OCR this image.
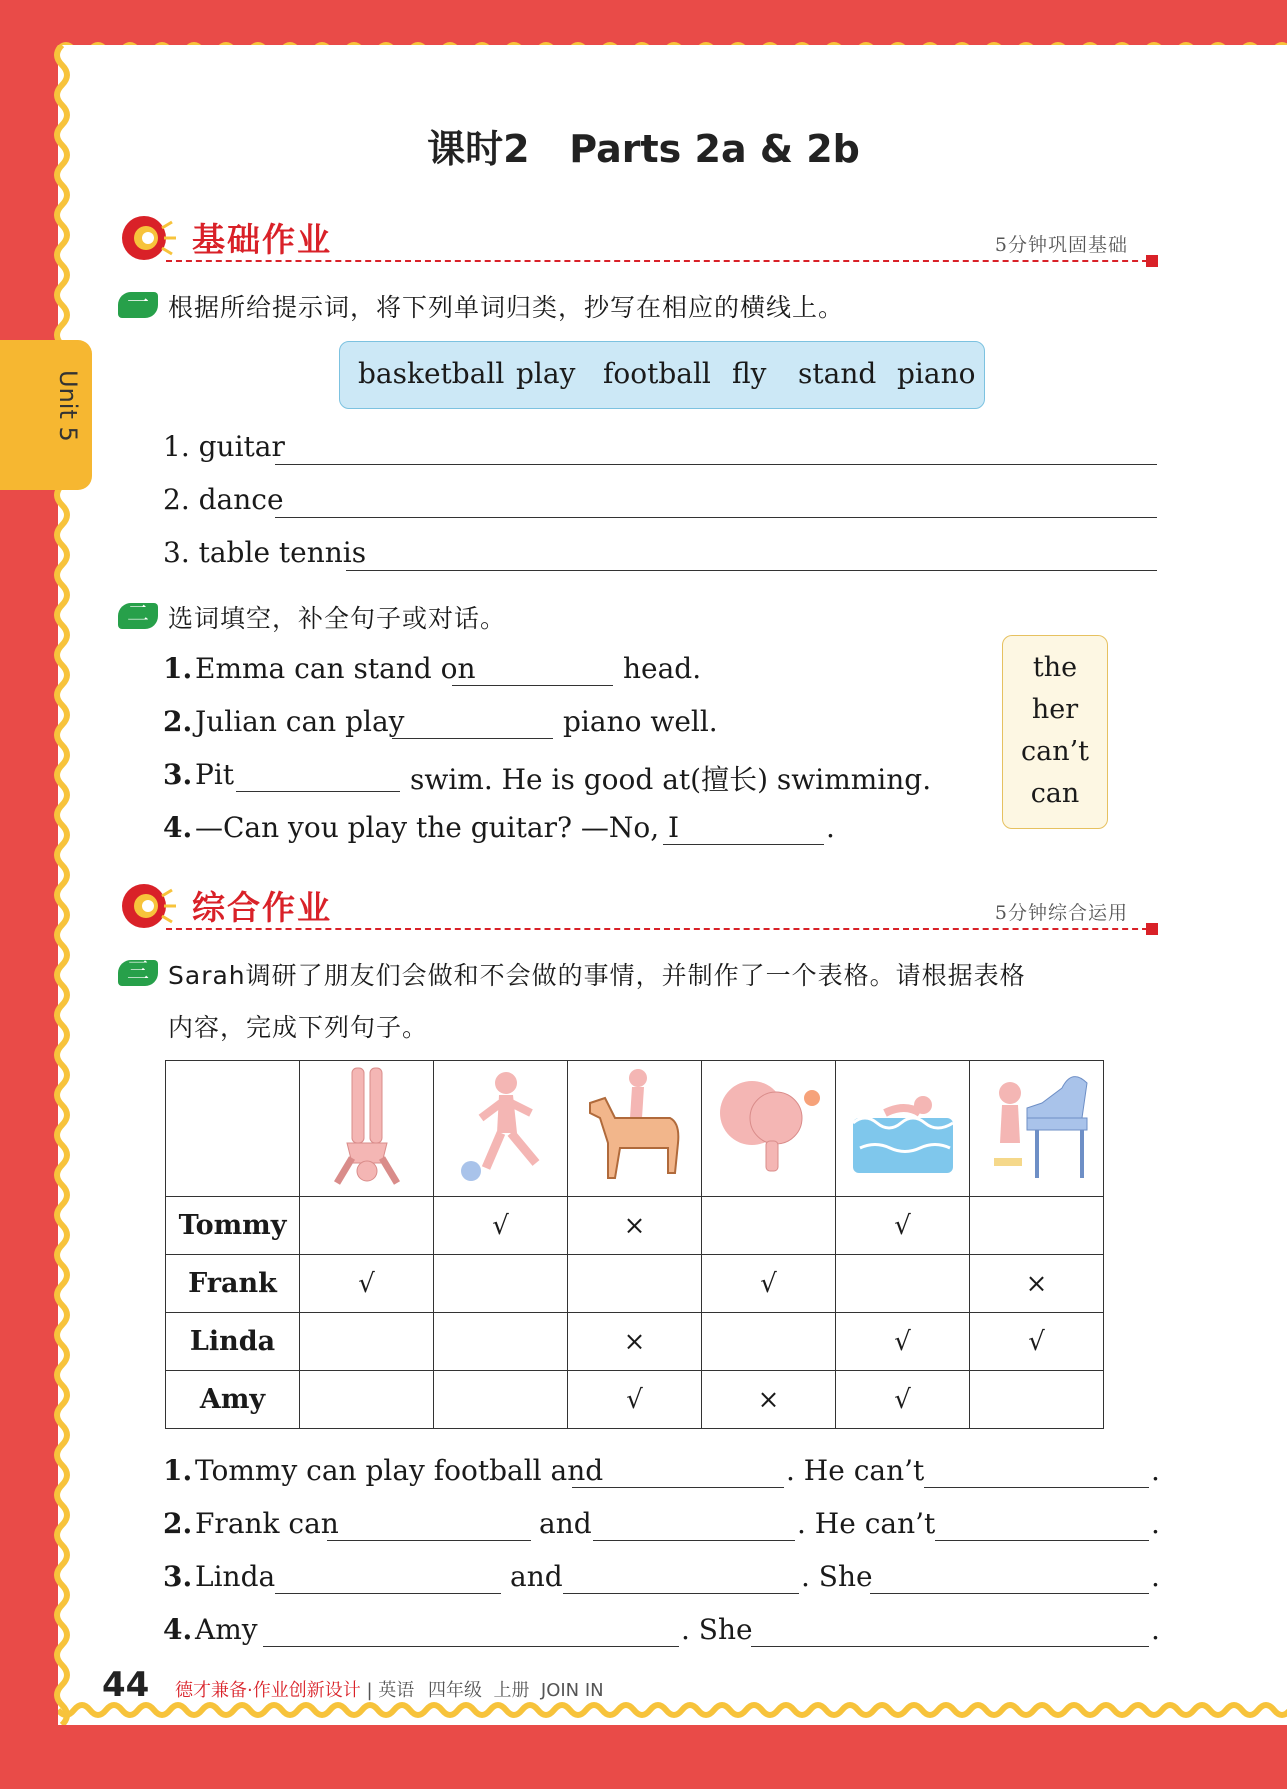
Unit 5
课时2   Parts 2a & 2b
基础作业	5分钟巩固基础
一 根据所给提示词，将下列单词归类，抄写在相应的横线上。
basketball play football fly stand piano
1. guitar
2. dance
3. table tennis
二 选词填空，补全句子或对话。
1. Emma can stand on	head.
2. Julian can play	piano well.
3. Pit	swim. He is good at(擅长) swimming.
4. —Can you play the guitar? —No, I	.
the
her
can’t
can
综合作业	5分钟综合运用
三 Sarah调研了朋友们会做和不会做的事情，并制作了一个表格。请根据表格
内容，完成下列句子。

Tommy		√	×		√	
Frank	√			√		×
Linda			×		√	√
Amy			√	×	√	
1. Tommy can play football and	. He can’t	.
2. Frank can	and	. He can’t	.
3. Linda	and	. She	.
4. Amy	. She	.
44 德才兼备·作业创新设计 | 英语 四年级  上册  JOIN IN
